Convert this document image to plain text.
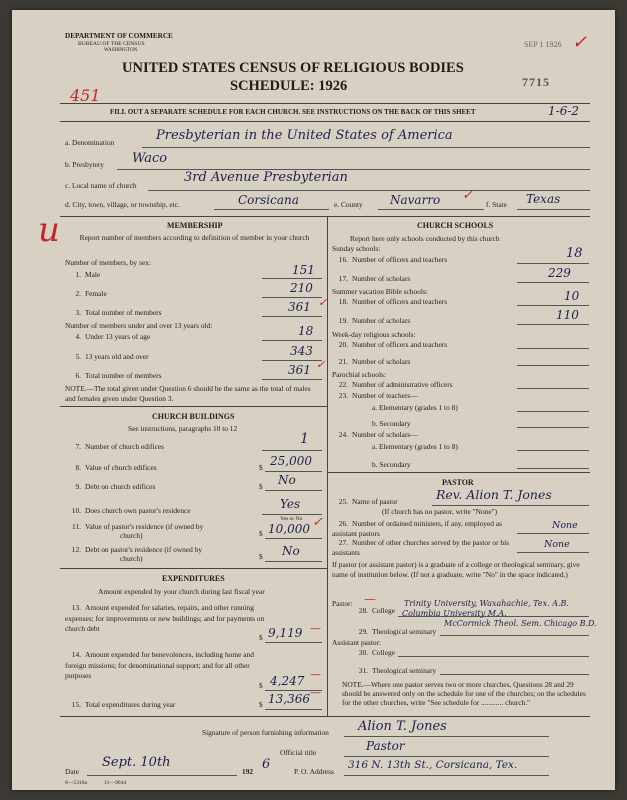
DEPARTMENT OF COMMERCE
BUREAU OF THE CENSUS
WASHINGTON
UNITED STATES CENSUS OF RELIGIOUS BODIES
SCHEDULE: 1926
451
7715
SEP 1 1926 ✓
FILL OUT A SEPARATE SCHEDULE FOR EACH CHURCH. SEE INSTRUCTIONS ON THE BACK OF THIS SHEET	1-6-2
a. Denomination	Presbyterian in the United States of America
b. Presbytery Waco
c. Local name of church
3rd Avenue Presbyterian
d. City, town, village, or township, etc.	Corsicana	e. County Navarro ✓
f. State Texas
u	MEMBERSHIP
Report number of members according to definition of member in your church
Number of members, by sex:
1. Male	151
2. Female	210
3. Total number of members	361 ✓
Number of members under and over 13 years old:
4. Under 13 years of age	18
5. 13 years old and over	343
6. Total number of members	361 ✓
NOTE.—The total given under Question 6 should be the same as the total of males and females given under Question 3.
CHURCH BUILDINGS
See instructions, paragraphs 10 to 12
7. Number of church edifices	1
8. Value of church edifices	$ 25,000
9. Debt on church edifices	$ No
10. Does church own pastor's residence	Yes
Yes or No
11. Value of pastor's residence (if owned by
church)	$ 10,000 ✓
12. Debt on pastor's residence (if owned by
church)	$ No
EXPENDITURES
Amount expended by your church during last fiscal year
13. Amount expended for salaries, repairs, and other running expenses; for improvements or new buildings; and for payments on church debt
$ 9,119 —
14. Amount expended for benevolences, including home and foreign missions; for denominational support; and for all other purposes
$ 4,247 —
15. Total expenditures during year	$ 13,366 —
CHURCH SCHOOLS
Report here only schools conducted by this church
Sunday schools:
16. Number of officers and teachers	18
17. Number of scholars	229
Summer vacation Bible schools:
18. Number of officers and teachers	10
19. Number of scholars	110
Week-day religious schools:
20. Number of officers and teachers
21. Number of scholars
Parochial schools:
22. Number of administrative officers
23. Number of teachers—
a. Elementary (grades 1 to 8)
b. Secondary
24. Number of scholars—
a. Elementary (grades 1 to 8)
b. Secondary
PASTOR
25. Name of pastor	Rev. Alion T. Jones
(If church has no pastor, write "None")
26. Number of ordained ministers, if any, employed as assistant pastors
None
27. Number of other churches served by the pastor or his assistants
None
If pastor (or assistant pastor) is a graduate of a college or theological seminary, give name of institution below. (If not a graduate, write "No" in the space indicated.)
Pastor: —
28. College
Trinity University, Waxahachie, Tex. A.B.
Columbia University M.A.
29. Theological seminary
McCormick Theol. Sem. Chicago B.D.
Assistant pastor:
30. College
31. Theological seminary
NOTE.—Where one pastor serves two or more churches, Questions 28 and 29 should be answered only on the schedule for one of the churches; on the schedules for the other churches, write "See schedule for ............ church."
Signature of person furnishing information Alion T. Jones
Official title	Pastor
Date
Sept. 10th
192 6	P. O. Address
316 N. 13th St., Corsicana, Tex.
8—5318a	11—9044
